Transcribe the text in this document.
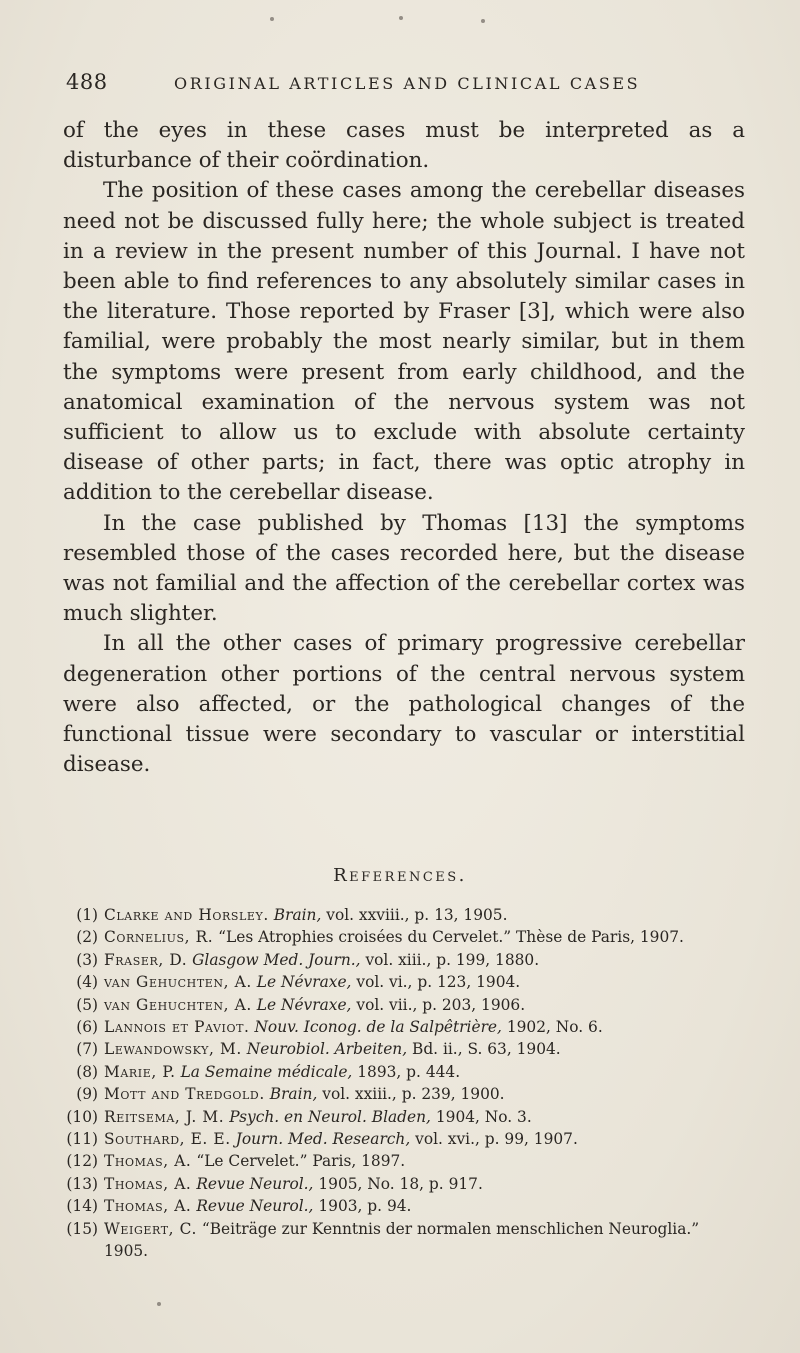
488	ORIGINAL ARTICLES AND CLINICAL CASES

of the eyes in these cases must be interpreted as a disturbance of their coördination.

The position of these cases among the cerebellar diseases need not be discussed fully here; the whole subject is treated in a review in the present number of this Journal. I have not been able to find references to any absolutely similar cases in the literature. Those reported by Fraser [3], which were also familial, were probably the most nearly similar, but in them the symptoms were present from early childhood, and the anatomical examination of the nervous system was not sufficient to allow us to exclude with absolute certainty disease of other parts; in fact, there was optic atrophy in addition to the cerebellar disease.

In the case published by Thomas [13] the symptoms resembled those of the cases recorded here, but the disease was not familial and the affection of the cerebellar cortex was much slighter.

In all the other cases of primary progressive cerebellar degeneration other portions of the central nervous system were also affected, or the pathological changes of the functional tissue were secondary to vascular or interstitial disease.

References.
(1) Clarke and Horsley. Brain, vol. xxviii., p. 13, 1905.
(2) Cornelius, R. “Les Atrophies croisées du Cervelet.” Thèse de Paris, 1907.
(3) Fraser, D. Glasgow Med. Journ., vol. xiii., p. 199, 1880.
(4) van Gehuchten, A. Le Névraxe, vol. vi., p. 123, 1904.
(5) van Gehuchten, A. Le Névraxe, vol. vii., p. 203, 1906.
(6) Lannois et Paviot. Nouv. Iconog. de la Salpêtrière, 1902, No. 6.
(7) Lewandowsky, M. Neurobiol. Arbeiten, Bd. ii., S. 63, 1904.
(8) Marie, P. La Semaine médicale, 1893, p. 444.
(9) Mott and Tredgold. Brain, vol. xxiii., p. 239, 1900.
(10) Reitsema, J. M. Psych. en Neurol. Bladen, 1904, No. 3.
(11) Southard, E. E. Journ. Med. Research, vol. xvi., p. 99, 1907.
(12) Thomas, A. “Le Cervelet.” Paris, 1897.
(13) Thomas, A. Revue Neurol., 1905, No. 18, p. 917.
(14) Thomas, A. Revue Neurol., 1903, p. 94.
(15) Weigert, C. “Beiträge zur Kenntnis der normalen menschlichen Neuroglia.” 1905.
